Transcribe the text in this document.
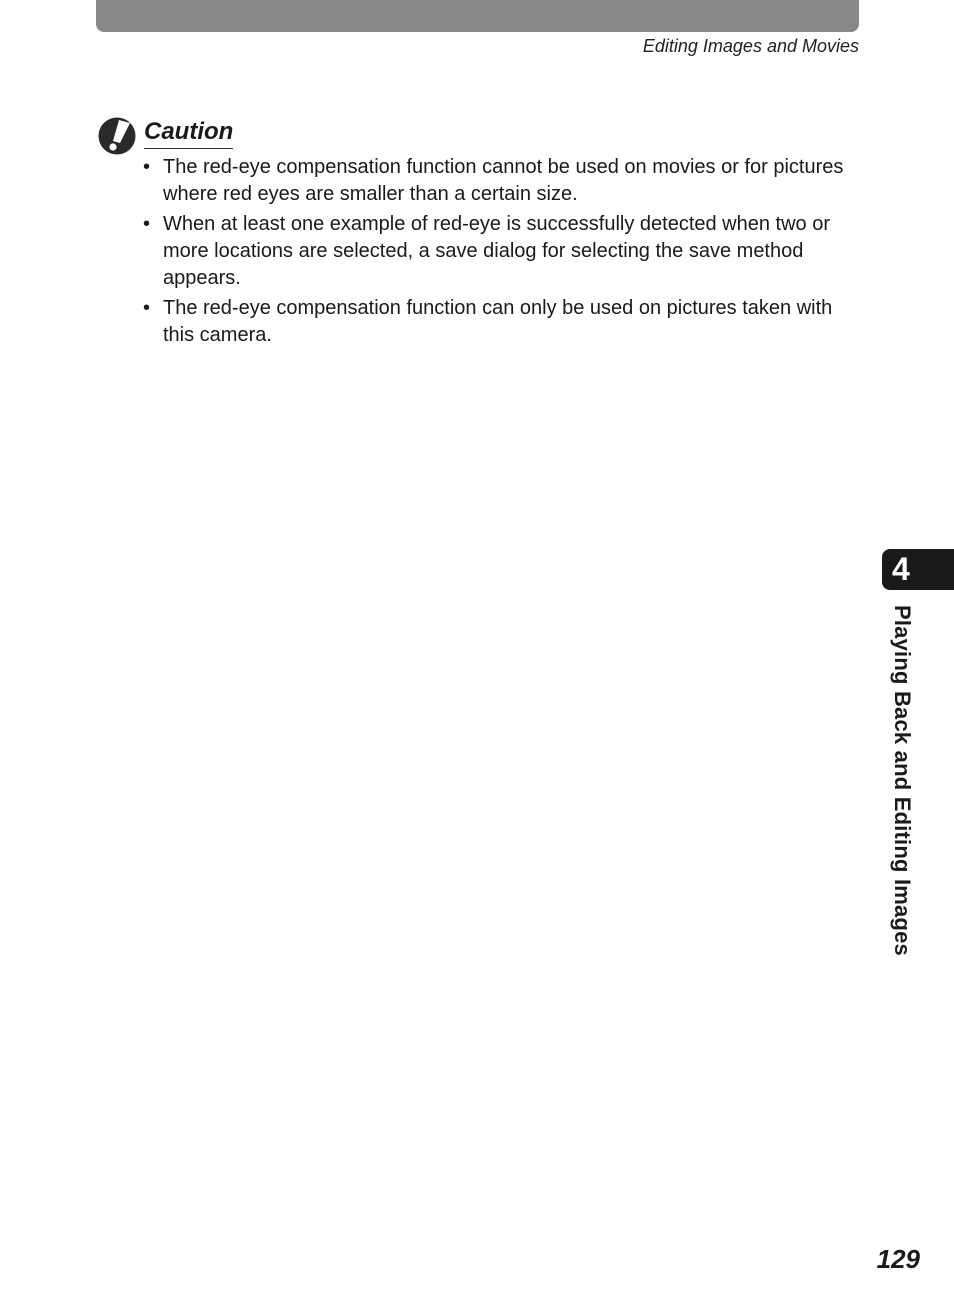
Editing Images and Movies
Caution
• The red-eye compensation function cannot be used on movies or for pictures where red eyes are smaller than a certain size.
• When at least one example of red-eye is successfully detected when two or more locations are selected, a save dialog for selecting the save method appears.
• The red-eye compensation function can only be used on pictures taken with this camera.
4
Playing Back and Editing Images
129
